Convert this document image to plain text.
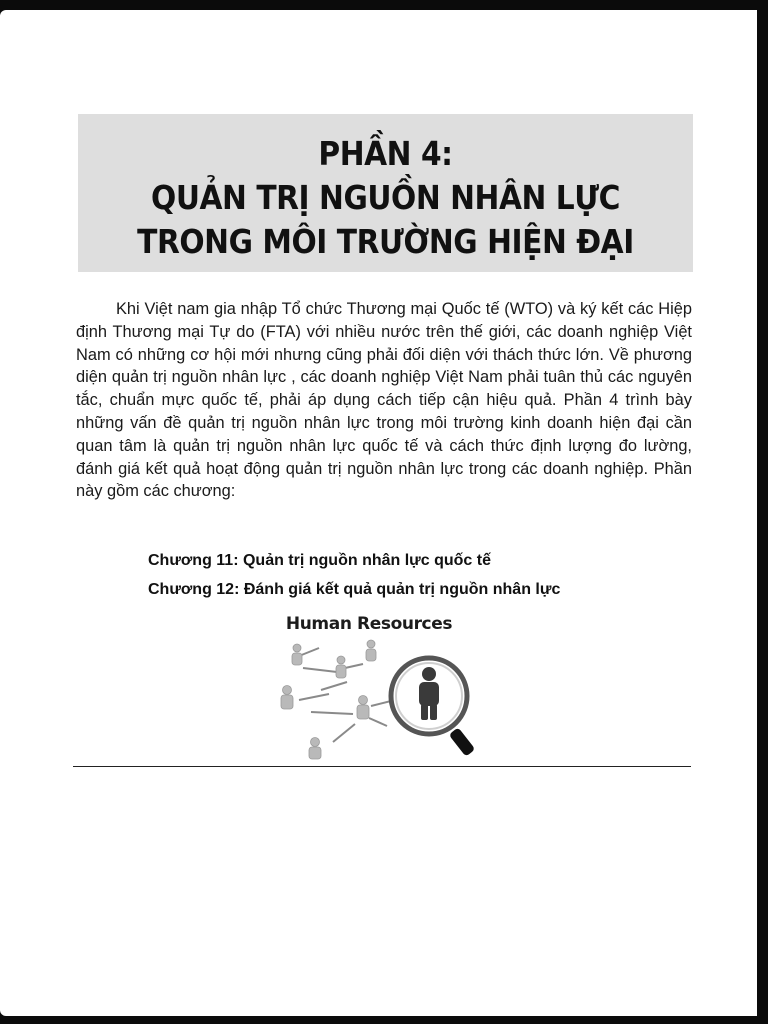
PHẦN 4:
QUẢN TRỊ NGUỒN NHÂN LỰC
TRONG MÔI TRƯỜNG HIỆN ĐẠI

Khi Việt nam gia nhập Tổ chức Thương mại Quốc tế (WTO) và ký kết các Hiệp định Thương mại Tự do (FTA) với nhiều nước trên thế giới, các doanh nghiệp Việt Nam có những cơ hội mới nhưng cũng phải đối diện với thách thức lớn. Về phương diện quản trị nguồn nhân lực , các doanh nghiệp Việt Nam phải tuân thủ các nguyên tắc, chuẩn mực quốc tế, phải áp dụng cách tiếp cận hiệu quả. Phần 4 trình bày những vấn đề quản trị nguồn nhân lực trong môi trường kinh doanh hiện đại cần quan tâm là quản trị nguồn nhân lực quốc tế và cách thức định lượng đo lường, đánh giá kết quả hoạt động quản trị nguồn nhân lực trong các doanh nghiệp. Phần này gồm các chương:

Chương 11: Quản trị nguồn nhân lực quốc tế
Chương 12: Đánh giá kết quả quản trị nguồn nhân lực
Human Resources
